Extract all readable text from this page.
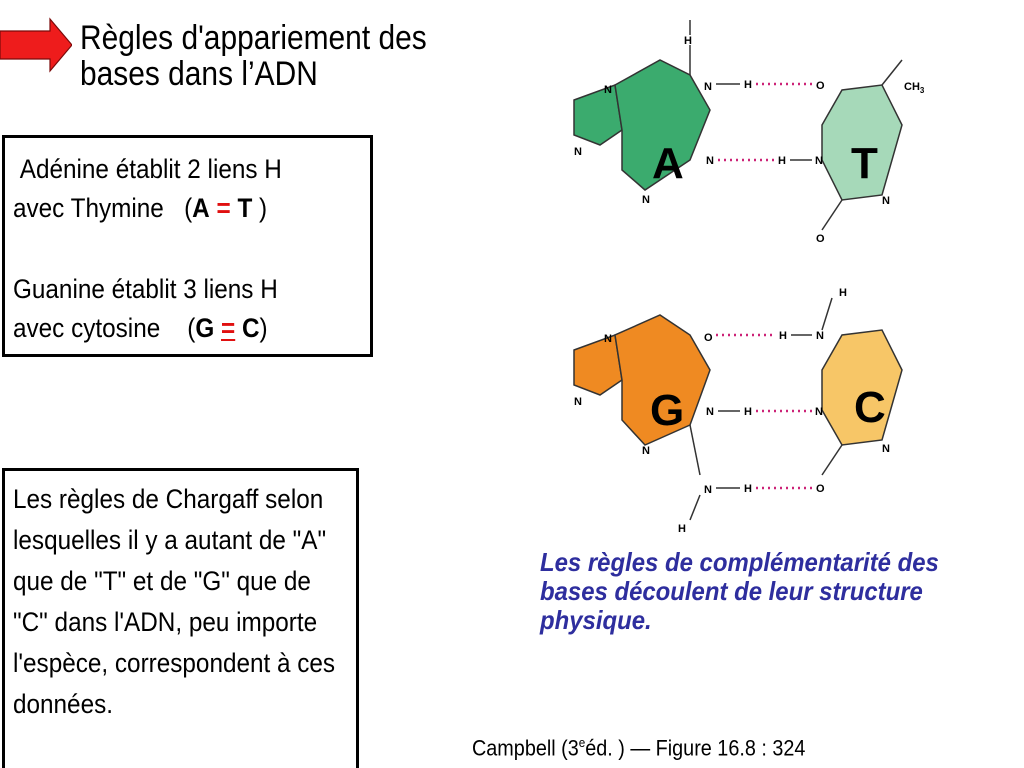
Règles d'appariement des
bases dans l’ADN

Adénine établit 2 liens H

avec Thymine   (A = T )

Guanine établit 3 liens H

avec cytosine    (G = C)

Les règles de Chargaff selon lesquelles il y a autant de "A" que de "T" et de "G" que de "C" dans l'ADN, peu importe l'espèce, correspondent à ces données.

A
N
N
N
N
N
H
T
O
O
N
N
$CH_3$
H
H
G
N
N
N
N
N
O
H
C
N
N
N
O
H
H
H
H
Les règles de complémentarité des bases découlent de leur structure physique.
Campbell (3eéd. ) — Figure 16.8 : 324
